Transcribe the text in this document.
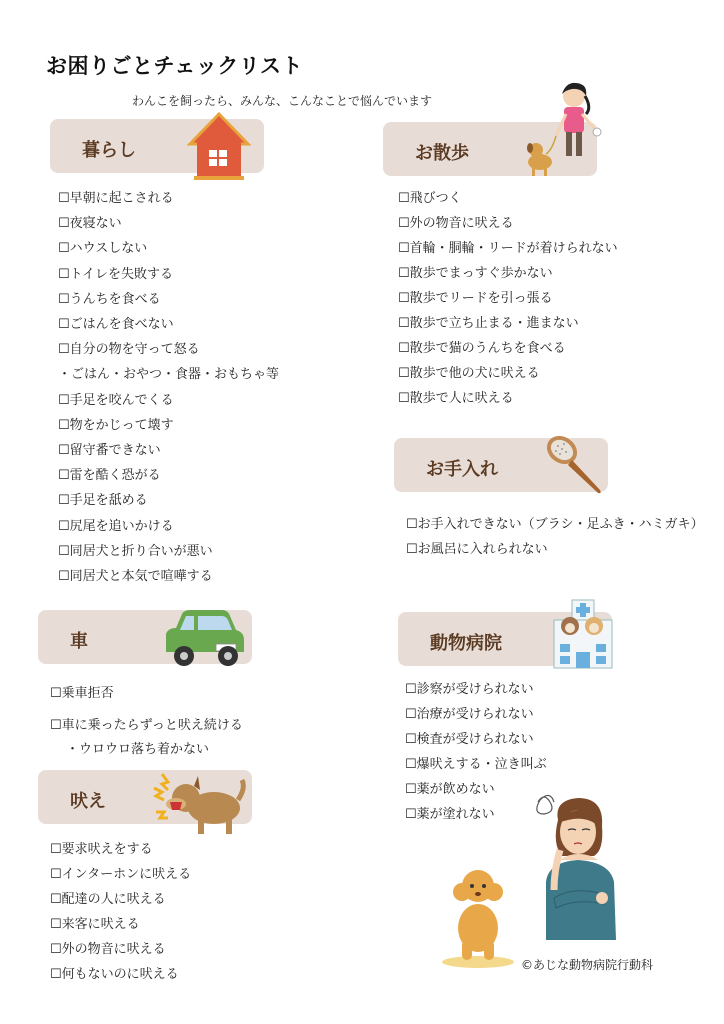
お困りごとチェックリスト
わんこを飼ったら、みんな、こんなことで悩んでいます
暮らし
☐早朝に起こされる
☐夜寝ない
☐ハウスしない
☐トイレを失敗する
☐うんちを食べる
☐ごはんを食べない
☐自分の物を守って怒る
・ごはん・おやつ・食器・おもちゃ等
☐手足を咬んでくる
☐物をかじって壊す
☐留守番できない
☐雷を酷く恐がる
☐手足を舐める
☐尻尾を追いかける
☐同居犬と折り合いが悪い
☐同居犬と本気で喧嘩する
お散歩
☐飛びつく
☐外の物音に吠える
☐首輪・胴輪・リードが着けられない
☐散歩でまっすぐ歩かない
☐散歩でリードを引っ張る
☐散歩で立ち止まる・進まない
☐散歩で猫のうんちを食べる
☐散歩で他の犬に吠える
☐散歩で人に吠える
お手入れ
☐お手入れできない（ブラシ・足ふき・ハミガキ）
☐お風呂に入れられない
車
☐乗車拒否
☐車に乗ったらずっと吠え続ける
・ウロウロ落ち着かない
動物病院
☐診察が受けられない
☐治療が受けられない
☐検査が受けられない
☐爆吠えする・泣き叫ぶ
☐薬が飲めない
☐薬が塗れない
吠え
☐要求吠えをする
☐インターホンに吠える
☐配達の人に吠える
☐来客に吠える
☐外の物音に吠える
☐何もないのに吠える
©あじな動物病院行動科
